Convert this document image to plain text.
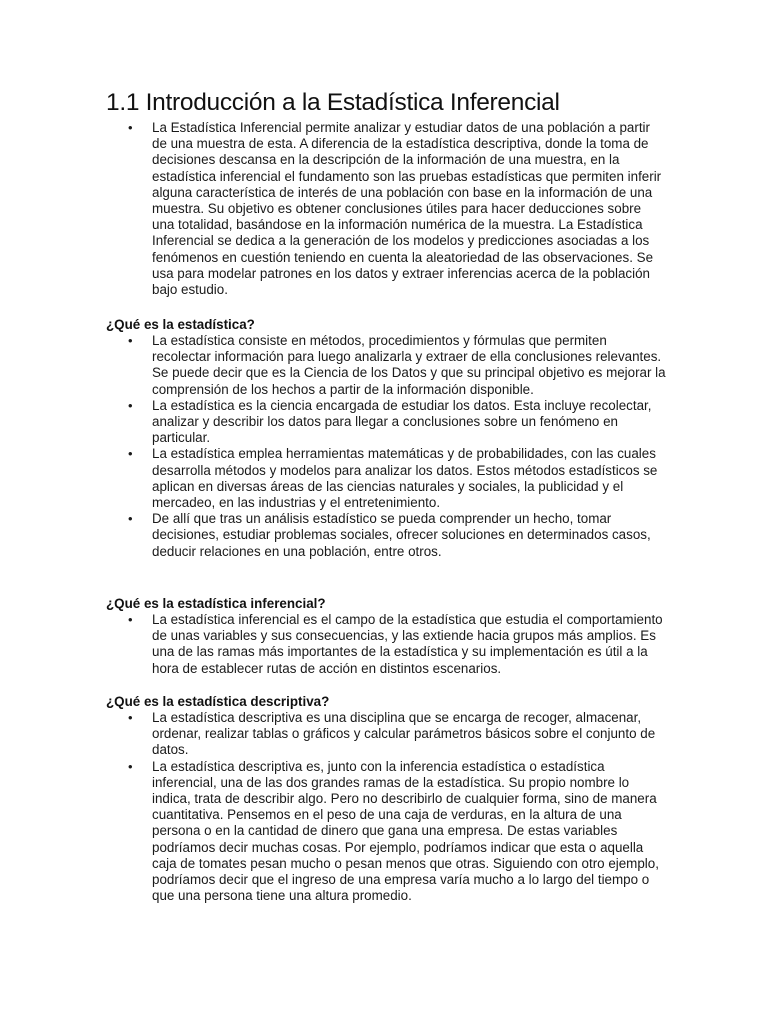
1.1 Introducción a la Estadística Inferencial
• La Estadística Inferencial permite analizar y estudiar datos de una población a partir de una muestra de esta. A diferencia de la estadística descriptiva, donde la toma de decisiones descansa en la descripción de la información de una muestra, en la estadística inferencial el fundamento son las pruebas estadísticas que permiten inferir alguna característica de interés de una población con base en la información de una muestra. Su objetivo es obtener conclusiones útiles para hacer deducciones sobre una totalidad, basándose en la información numérica de la muestra. La Estadística Inferencial se dedica a la generación de los modelos y predicciones asociadas a los fenómenos en cuestión teniendo en cuenta la aleatoriedad de las observaciones. Se usa para modelar patrones en los datos y extraer inferencias acerca de la población bajo estudio.
¿Qué es la estadística?
• La estadística consiste en métodos, procedimientos y fórmulas que permiten recolectar información para luego analizarla y extraer de ella conclusiones relevantes. Se puede decir que es la Ciencia de los Datos y que su principal objetivo es mejorar la comprensión de los hechos a partir de la información disponible.
• La estadística es la ciencia encargada de estudiar los datos. Esta incluye recolectar, analizar y describir los datos para llegar a conclusiones sobre un fenómeno en particular.
• La estadística emplea herramientas matemáticas y de probabilidades, con las cuales desarrolla métodos y modelos para analizar los datos. Estos métodos estadísticos se aplican en diversas áreas de las ciencias naturales y sociales, la publicidad y el mercadeo, en las industrias y el entretenimiento.
• De allí que tras un análisis estadístico se pueda comprender un hecho, tomar decisiones, estudiar problemas sociales, ofrecer soluciones en determinados casos, deducir relaciones en una población, entre otros.
¿Qué es la estadística inferencial?
• La estadística inferencial es el campo de la estadística que estudia el comportamiento de unas variables y sus consecuencias, y las extiende hacia grupos más amplios. Es una de las ramas más importantes de la estadística y su implementación es útil a la hora de establecer rutas de acción en distintos escenarios.
¿Qué es la estadística descriptiva?
• La estadística descriptiva es una disciplina que se encarga de recoger, almacenar, ordenar, realizar tablas o gráficos y calcular parámetros básicos sobre el conjunto de datos.
• La estadística descriptiva es, junto con la inferencia estadística o estadística inferencial, una de las dos grandes ramas de la estadística. Su propio nombre lo indica, trata de describir algo. Pero no describirlo de cualquier forma, sino de manera cuantitativa. Pensemos en el peso de una caja de verduras, en la altura de una persona o en la cantidad de dinero que gana una empresa. De estas variables podríamos decir muchas cosas. Por ejemplo, podríamos indicar que esta o aquella caja de tomates pesan mucho o pesan menos que otras. Siguiendo con otro ejemplo, podríamos decir que el ingreso de una empresa varía mucho a lo largo del tiempo o que una persona tiene una altura promedio.
